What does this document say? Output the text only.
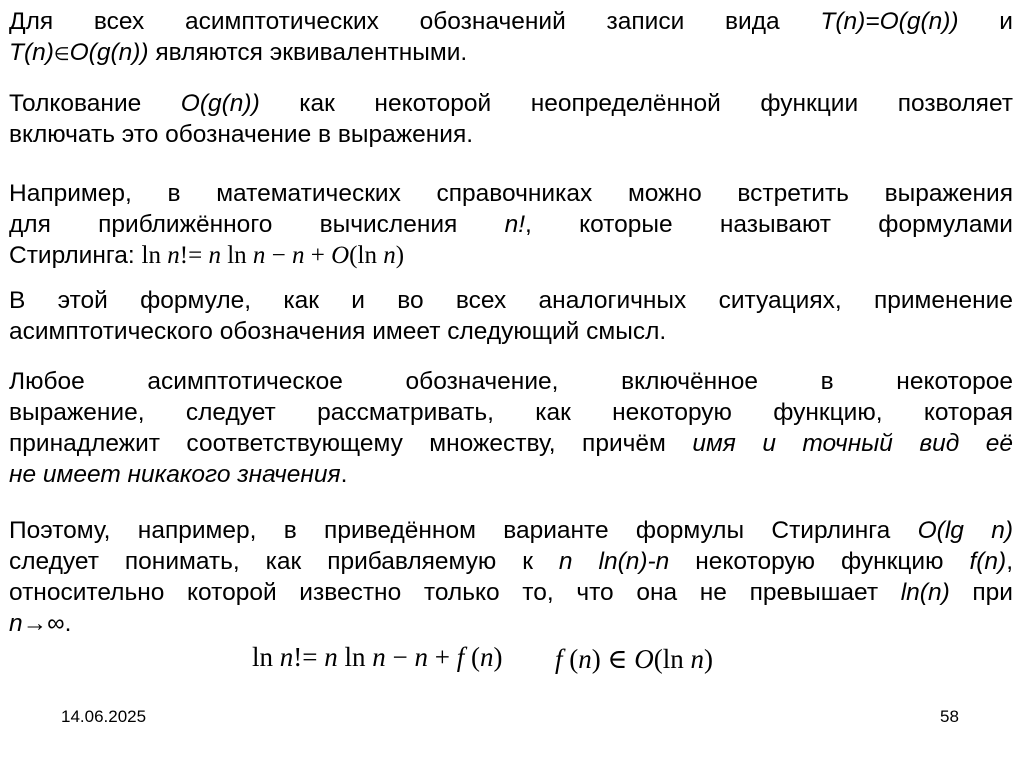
Для всех асимптотических обозначений записи вида T(n)=O(g(n)) и
T(n)∈O(g(n)) являются эквивалентными.
Толкование O(g(n)) как некоторой неопределённой функции позволяет
включать это обозначение в выражения.
Например, в математических справочниках можно встретить выражения
для приближённого вычисления n!, которые называют формулами
Стирлинга: ln n!= n ln n − n + O(ln n)
В этой формуле, как и во всех аналогичных ситуациях, применение
асимптотического обозначения имеет следующий смысл.
Любое асимптотическое обозначение, включённое в некоторое
выражение, следует рассматривать, как некоторую функцию, которая
принадлежит соответствующему множеству, причём имя и точный вид её
не имеет никакого значения.
Поэтому, например, в приведённом варианте формулы Стирлинга O(lg n)
следует понимать, как прибавляемую к n ln(n)-n некоторую функцию f(n),
относительно которой известно только то, что она не превышает ln(n) при
n→∞.
ln n!= n ln n − n + f (n) f (n) ∈ O(ln n)
14.06.2025	58
